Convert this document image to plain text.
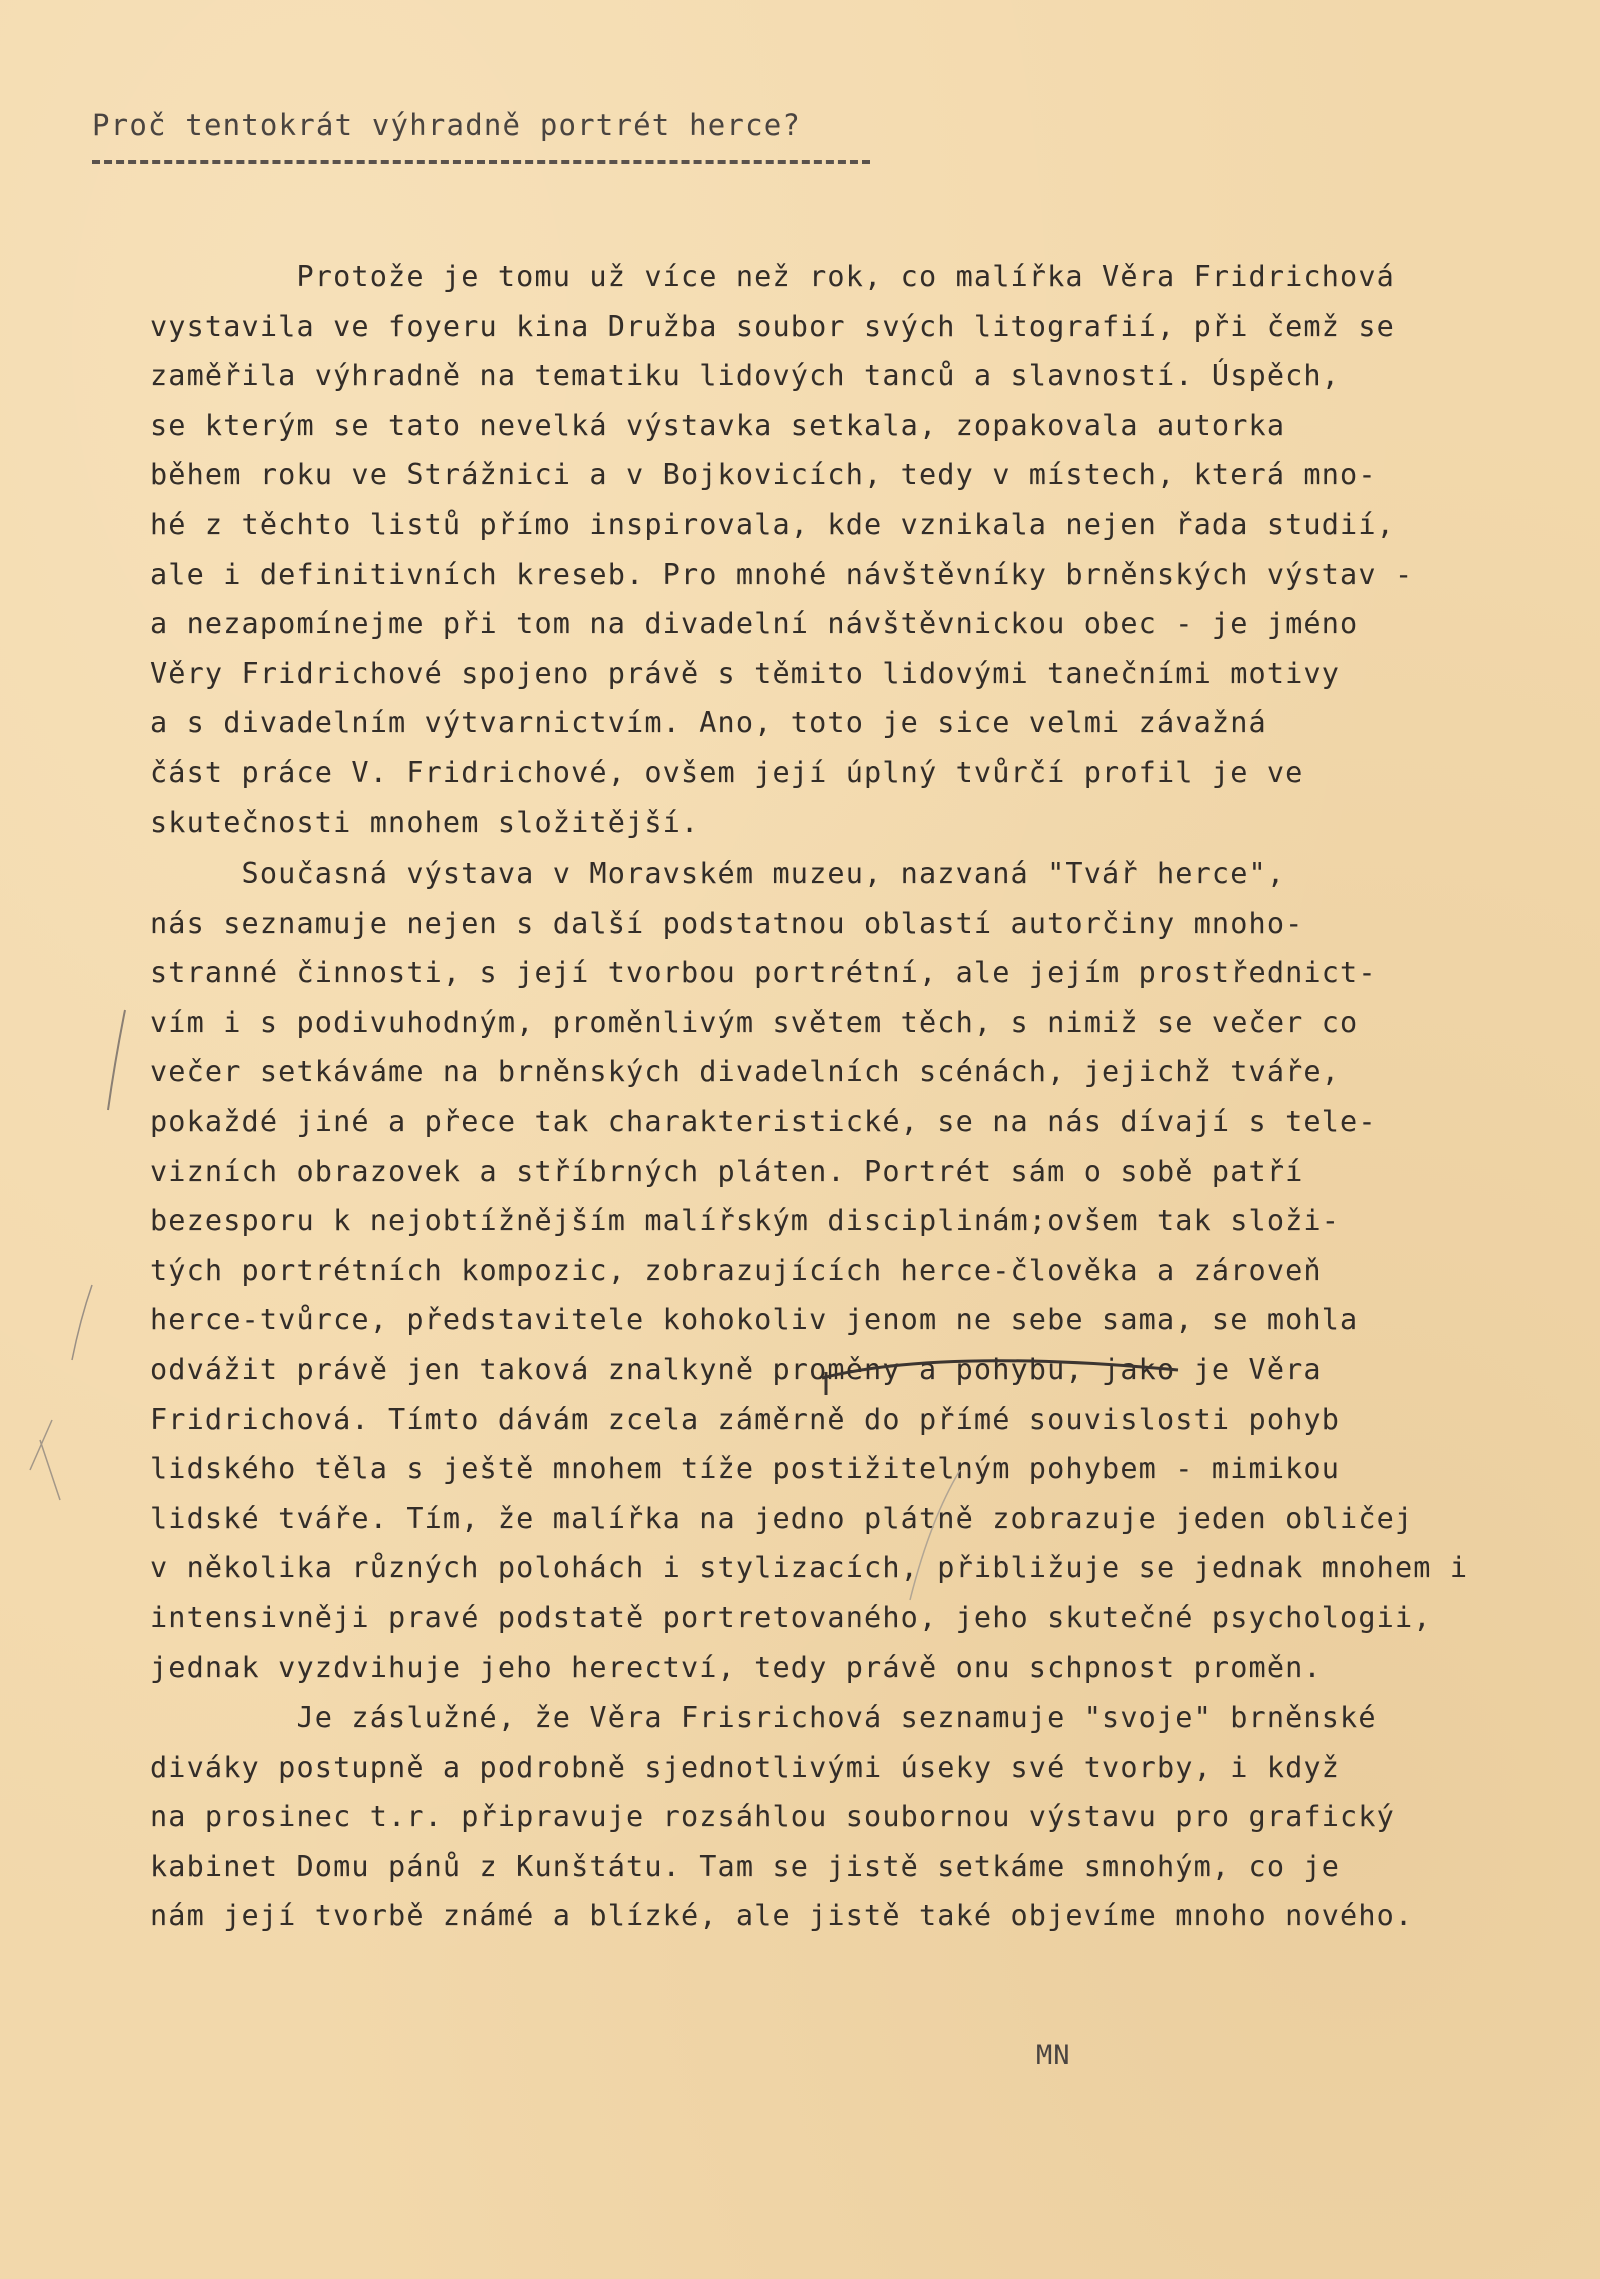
Proč tentokrát výhradně portrét herce?
Protože je tomu už více než rok, co malířka Věra Fridrichová
vystavila ve foyeru kina Družba soubor svých litografií, při čemž se
zaměřila výhradně na tematiku lidových tanců a slavností. Úspěch,
se kterým se tato nevelká výstavka setkala, zopakovala autorka
během roku ve Strážnici a v Bojkovicích, tedy v místech, která mno-
hé z těchto listů přímo inspirovala, kde vznikala nejen řada studií,
ale i definitivních kreseb. Pro mnohé návštěvníky brněnských výstav -
a nezapomínejme při tom na divadelní návštěvnickou obec - je jméno
Věry Fridrichové spojeno právě s těmito lidovými tanečními motivy
a s divadelním výtvarnictvím. Ano, toto je sice velmi závažná
část práce V. Fridrichové, ovšem její úplný tvůrčí profil je ve
skutečnosti mnohem složitější.
Současná výstava v Moravském muzeu, nazvaná "Tvář herce",
nás seznamuje nejen s další podstatnou oblastí autorčiny mnoho-
stranné činnosti, s její tvorbou portrétní, ale jejím prostřednict-
vím i s podivuhodným, proměnlivým světem těch, s nimiž se večer co
večer setkáváme na brněnských divadelních scénách, jejichž tváře,
pokaždé jiné a přece tak charakteristické, se na nás dívají s tele-
vizních obrazovek a stříbrných pláten. Portrét sám o sobě patří
bezesporu k nejobtížnějším malířským disciplinám;ovšem tak složi-
tých portrétních kompozic, zobrazujících herce-člověka a zároveň
herce-tvůrce, představitele kohokoliv jenom ne sebe sama, se mohla
odvážit právě jen taková znalkyně proměny a pohybu, jako je Věra
Fridrichová. Tímto dávám zcela záměrně do přímé souvislosti pohyb
lidského těla s ještě mnohem tíže postižitelným pohybem - mimikou
lidské tváře. Tím, že malířka na jedno plátně zobrazuje jeden obličej
v několika různých polohách i stylizacích, přibližuje se jednak mnohem i
intensivněji pravé podstatě portretovaného, jeho skutečné psychologii,
jednak vyzdvihuje jeho herectví, tedy právě onu schpnost proměn.
Je záslužné, že Věra Frisrichová seznamuje "svoje" brněnské
diváky postupně a podrobně sjednotlivými úseky své tvorby, i když
na prosinec t.r. připravuje rozsáhlou soubornou výstavu pro grafický
kabinet Domu pánů z Kunštátu. Tam se jistě setkáme smnohým, co je
nám její tvorbě známé a blízké, ale jistě také objevíme mnoho nového.
MN
